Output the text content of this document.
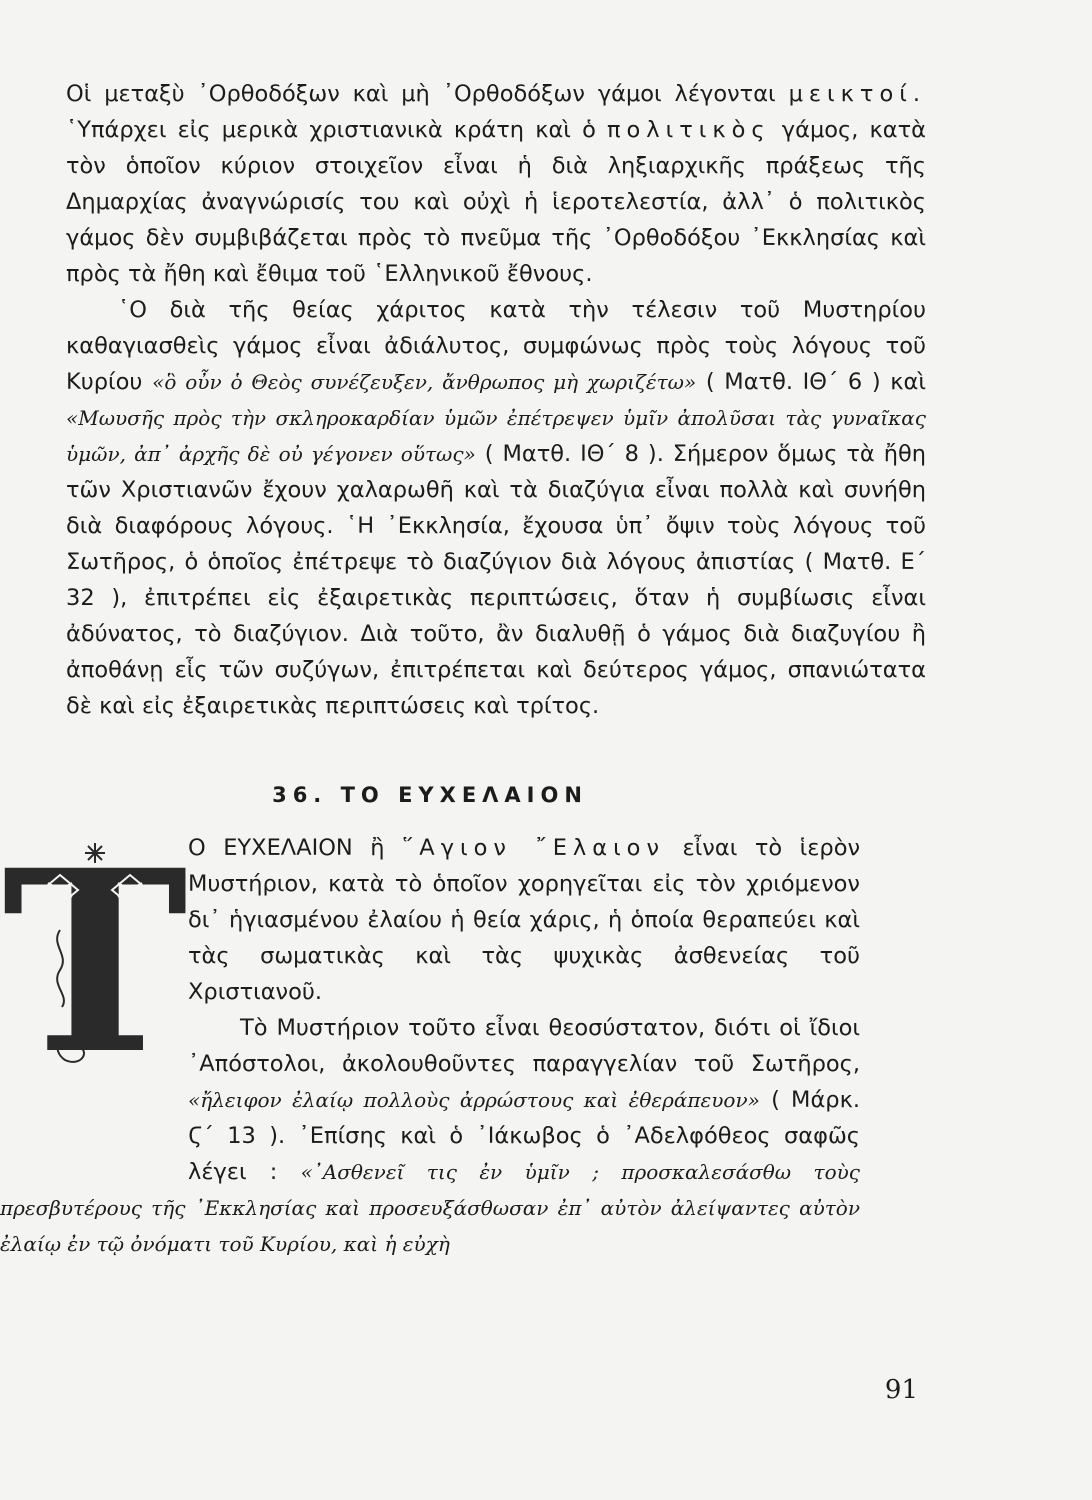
Οἱ μεταξὺ ᾿Ορθοδόξων καὶ μὴ ᾿Ορθοδόξων γάμοι λέγονται μεικτοί. ῾Υπάρχει εἰς μερικὰ χριστιανικὰ κράτη καὶ ὁ πολιτικὸς γάμος, κατὰ τὸν ὁποῖον κύριον στοιχεῖον εἶναι ἡ διὰ ληξιαρχικῆς πράξεως τῆς Δημαρχίας ἀναγνώρισίς του καὶ οὐχὶ ἡ ἱεροτελεστία, ἀλλ᾿ ὁ πολιτικὸς γάμος δὲν συμβιβάζεται πρὸς τὸ πνεῦμα τῆς ᾿Ορθοδόξου ᾿Εκκλησίας καὶ πρὸς τὰ ἤθη καὶ ἔθιμα τοῦ ῾Ελληνικοῦ ἔθνους.

῾Ο διὰ τῆς θείας χάριτος κατὰ τὴν τέλεσιν τοῦ Μυστηρίου καθαγιασθεὶς γάμος εἶναι ἀδιάλυτος, συμφώνως πρὸς τοὺς λόγους τοῦ Κυρίου «ὃ οὖν ὁ Θεὸς συνέζευξεν, ἄνθρωπος μὴ χωριζέτω» ( Ματθ. ΙΘ΄ 6 ) καὶ «Μωυσῆς πρὸς τὴν σκληροκαρδίαν ὑμῶν ἐπέτρεψεν ὑμῖν ἀπολῦσαι τὰς γυναῖκας ὑμῶν, ἀπ᾿ ἀρχῆς δὲ οὐ γέγονεν οὕτως» ( Ματθ. ΙΘ΄ 8 ). Σήμερον ὅμως τὰ ἤθη τῶν Χριστιανῶν ἔχουν χαλαρωθῆ καὶ τὰ διαζύγια εἶναι πολλὰ καὶ συνήθη διὰ διαφόρους λόγους. ῾Η ᾿Εκκλησία, ἔχουσα ὑπ᾿ ὄψιν τοὺς λόγους τοῦ Σωτῆρος, ὁ ὁποῖος ἐπέτρεψε τὸ διαζύγιον διὰ λόγους ἀπιστίας ( Ματθ. Ε΄ 32 ), ἐπιτρέπει εἰς ἐξαιρετικὰς περιπτώσεις, ὅταν ἡ συμβίωσις εἶναι ἀδύνατος, τὸ διαζύγιον. Διὰ τοῦτο, ἂν διαλυθῇ ὁ γάμος διὰ διαζυγίου ἢ ἀποθάνῃ εἷς τῶν συζύγων, ἐπιτρέπεται καὶ δεύτερος γάμος, σπανιώτατα δὲ καὶ εἰς ἐξαιρετικὰς περιπτώσεις καὶ τρίτος.

36. ΤΟ ΕΥΧΕΛΑΙΟΝ
Τ Ο ΕΥΧΕΛΑΙΟΝ ἢ ῞Αγιον ῎Ελαιον εἶναι τὸ ἱερὸν Μυστήριον, κατὰ τὸ ὁποῖον χορηγεῖται εἰς τὸν χριόμενον δι᾿ ἡγιασμένου ἐλαίου ἡ θεία χάρις, ἡ ὁποία θεραπεύει καὶ τὰς σωματικὰς καὶ τὰς ψυχικὰς ἀσθενείας τοῦ Χριστιανοῦ.

Τὸ Μυστήριον τοῦτο εἶναι θεοσύστατον, διότι οἱ ἴδιοι ᾿Απόστολοι, ἀκολουθοῦντες παραγγελίαν τοῦ Σωτῆρος, «ἤλειφον ἐλαίῳ πολλοὺς ἀρρώστους καὶ ἐθεράπευον» ( Μάρκ. Ϛ΄ 13 ). ᾿Επίσης καὶ ὁ ᾿Ιάκωβος ὁ ᾿Αδελφόθεος σαφῶς λέγει : «᾿Ασθενεῖ τις ἐν ὑμῖν ; προσκαλεσάσθω τοὺς πρεσβυτέρους τῆς ᾿Εκκλησίας καὶ προσευξάσθωσαν ἐπ᾿ αὐτὸν ἀλείψαντες αὐτὸν ἐλαίῳ ἐν τῷ ὀνόματι τοῦ Κυρίου, καὶ ἡ εὐχὴ

91
